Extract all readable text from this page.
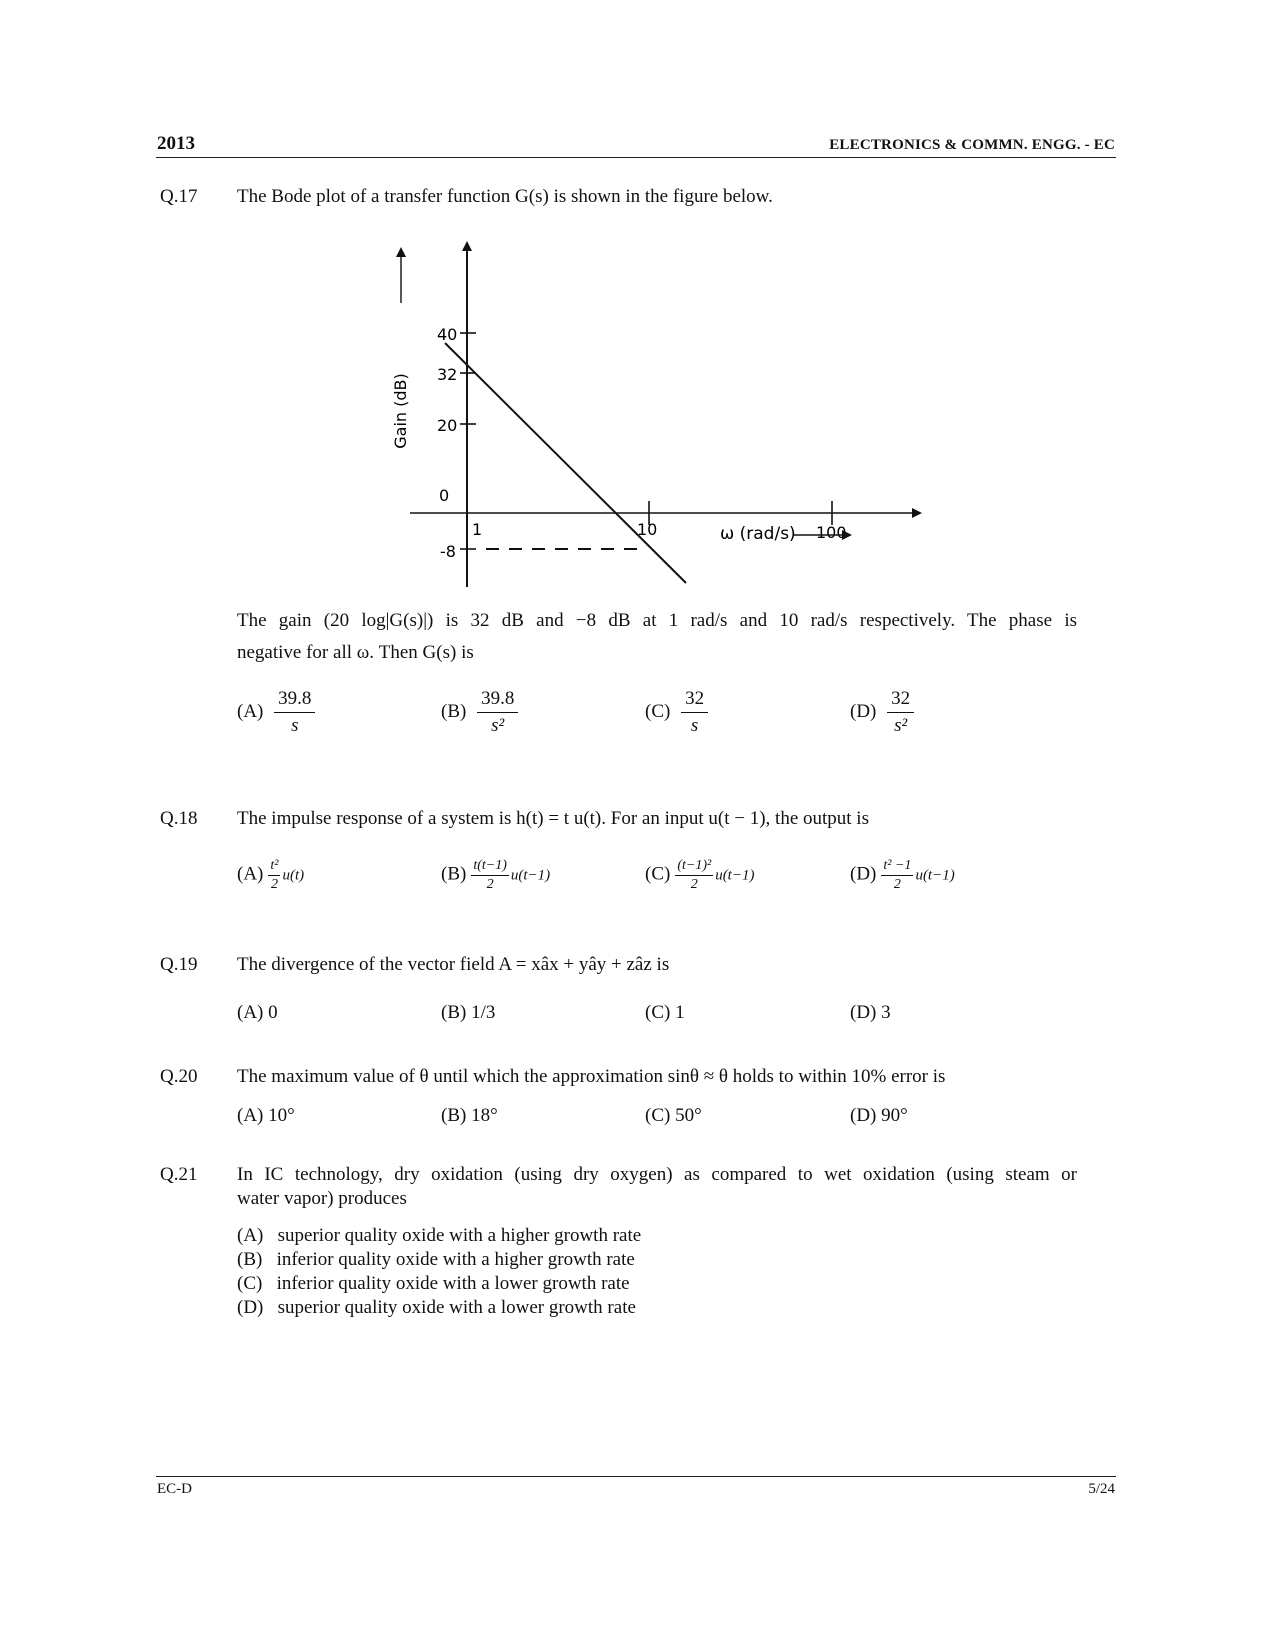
2013	ELECTRONICS & COMMN. ENGG. - EC
Q.17 The Bode plot of a transfer function G(s) is shown in the figure below.
40
32
20
0
-8
1	10	100
Gain (dB)
ω (rad/s)
The gain (20 log|G(s)|) is 32 dB and −8 dB at 1 rad/s and 10 rad/s respectively. The phase is
negative for all ω. Then G(s) is
$(A) \frac{39.8}{s}$	$(B) \frac{39.8}{\text{s²}}$	$(C) \frac{32}{s}$	$(D) \frac{32}{\text{s²}}$
Q.18 The impulse response of a system is h(t) = t u(t). For an input u(t − 1), the output is
$(A) \frac{\text{t²}}{2} u(t)$	$(B) \frac{t(t-1)}{2} u(t-1)$	$(C) \frac{\text{(t−1)²}}{2} u(t-1)$	$(D) \frac{\text{t² −1}}{2} u(t-1)$
Q.19 The divergence of the vector field A = xâx + yây + zâz is
(A) 0	(B) 1/3	(C) 1	(D) 3
Q.20 The maximum value of θ until which the approximation sinθ ≈ θ holds to within 10% error is
(A) 10°	(B) 18°	(C) 50°	(D) 90°
Q.21 In IC technology, dry oxidation (using dry oxygen) as compared to wet oxidation (using steam or
water vapor) produces
(A) superior quality oxide with a higher growth rate
(B) inferior quality oxide with a higher growth rate
(C) inferior quality oxide with a lower growth rate
(D) superior quality oxide with a lower growth rate
EC-D	5/24
